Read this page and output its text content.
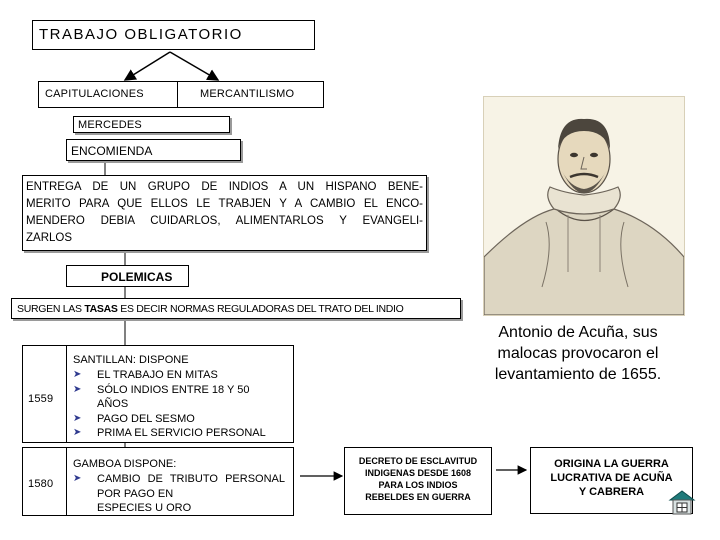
TRABAJO OBLIGATORIO
CAPITULACIONES	MERCANTILISMO
MERCEDES
ENCOMIENDA
ENTREGA DE UN GRUPO DE INDIOS A UN HISPANO BENE-
MERITO PARA QUE ELLOS LE TRABJEN Y A CAMBIO EL ENCO-
MENDERO DEBIA CUIDARLOS, ALIMENTARLOS Y EVANGELI-
ZARLOS
POLEMICAS
SURGEN LAS TASAS ES DECIR NORMAS REGULADORAS DEL TRATO DEL INDIO
1559
SANTILLAN: DISPONE
➤ EL TRABAJO EN MITAS
➤ SÓLO INDIOS ENTRE 18 Y 50
AÑOS
➤ PAGO DEL SESMO
➤ PRIMA EL SERVICIO PERSONAL
1580
GAMBOA DISPONE:
➤ CAMBIO DE TRIBUTO PERSONAL POR PAGO EN
ESPECIES U ORO
Antonio de Acuña, sus
malocas provocaron el
levantamiento de 1655.
DECRETO DE ESCLAVITUD
INDIGENAS DESDE 1608
PARA LOS INDIOS
REBELDES EN GUERRA
ORIGINA LA GUERRA
LUCRATIVA DE ACUÑA
Y CABRERA
